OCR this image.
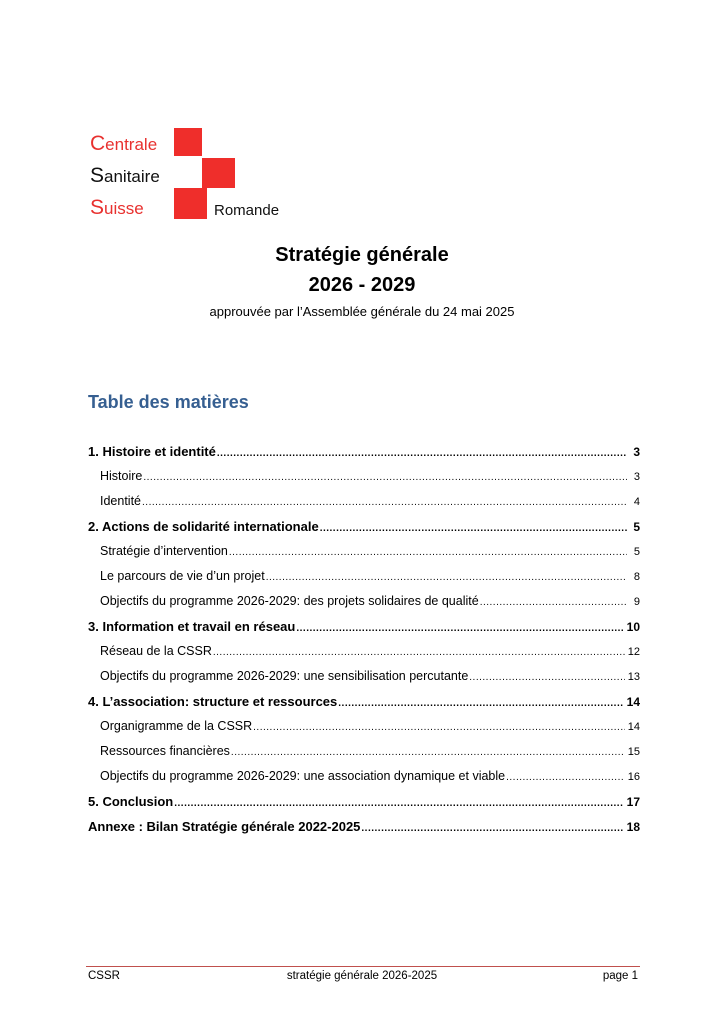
Centrale
Sanitaire
Suisse	Romande
Stratégie générale
2026 - 2029
approuvée par l’Assemblée générale du 24 mai 2025
Table des matières
1. Histoire et identité .....	3
Histoire .....	3
Identité .....	4
2. Actions de solidarité internationale .....	5
Stratégie d’intervention .....	5
Le parcours de vie d’un projet .....	8
Objectifs du programme 2026-2029: des projets solidaires de qualité .....	9
3. Information et travail en réseau .....	10
Réseau de la CSSR .....	12
Objectifs du programme 2026-2029: une sensibilisation percutante .....	13
4. L’association: structure et ressources .....	14
Organigramme de la CSSR .....	14
Ressources financières .....	15
Objectifs du programme 2026-2029: une association dynamique et viable .....	16
5. Conclusion .....	17
Annexe : Bilan Stratégie générale 2022-2025 .....	18
CSSR	stratégie générale 2026-2025	page 1
